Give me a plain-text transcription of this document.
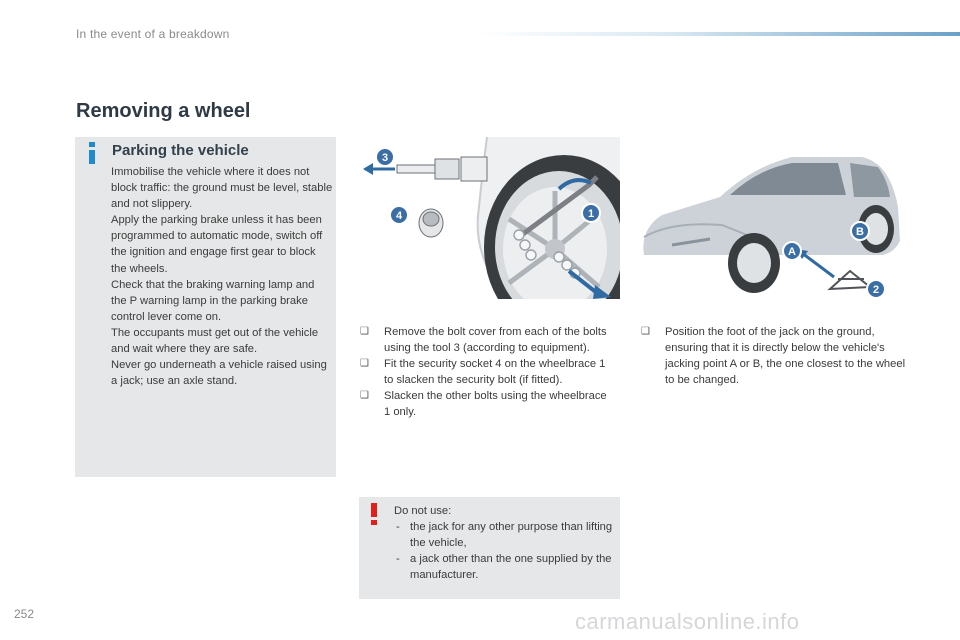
In the event of a breakdown
Removing a wheel
Parking the vehicle

Immobilise the vehicle where it does not block traffic: the ground must be level, stable and not slippery.

Apply the parking brake unless it has been programmed to automatic mode, switch off the ignition and engage first gear to block the wheels.

Check that the braking warning lamp and the P warning lamp in the parking brake control lever come on.

The occupants must get out of the vehicle and wait where they are safe.

Never go underneath a vehicle raised using a jack; use an axle stand.

3
4	1
B
A
2
❑ Remove the bolt cover from each of the bolts using the tool 3 (according to equipment).
❑ Fit the security socket 4 on the wheelbrace 1 to slacken the security bolt (if fitted).
❑ Slacken the other bolts using the wheelbrace 1 only.
❑ Position the foot of the jack on the ground, ensuring that it is directly below the vehicle's jacking point A or B, the one closest to the wheel to be changed.
Do not use:
- the jack for any other purpose than lifting the vehicle,
- a jack other than the one supplied by the manufacturer.
252	carmanualsonline.info
